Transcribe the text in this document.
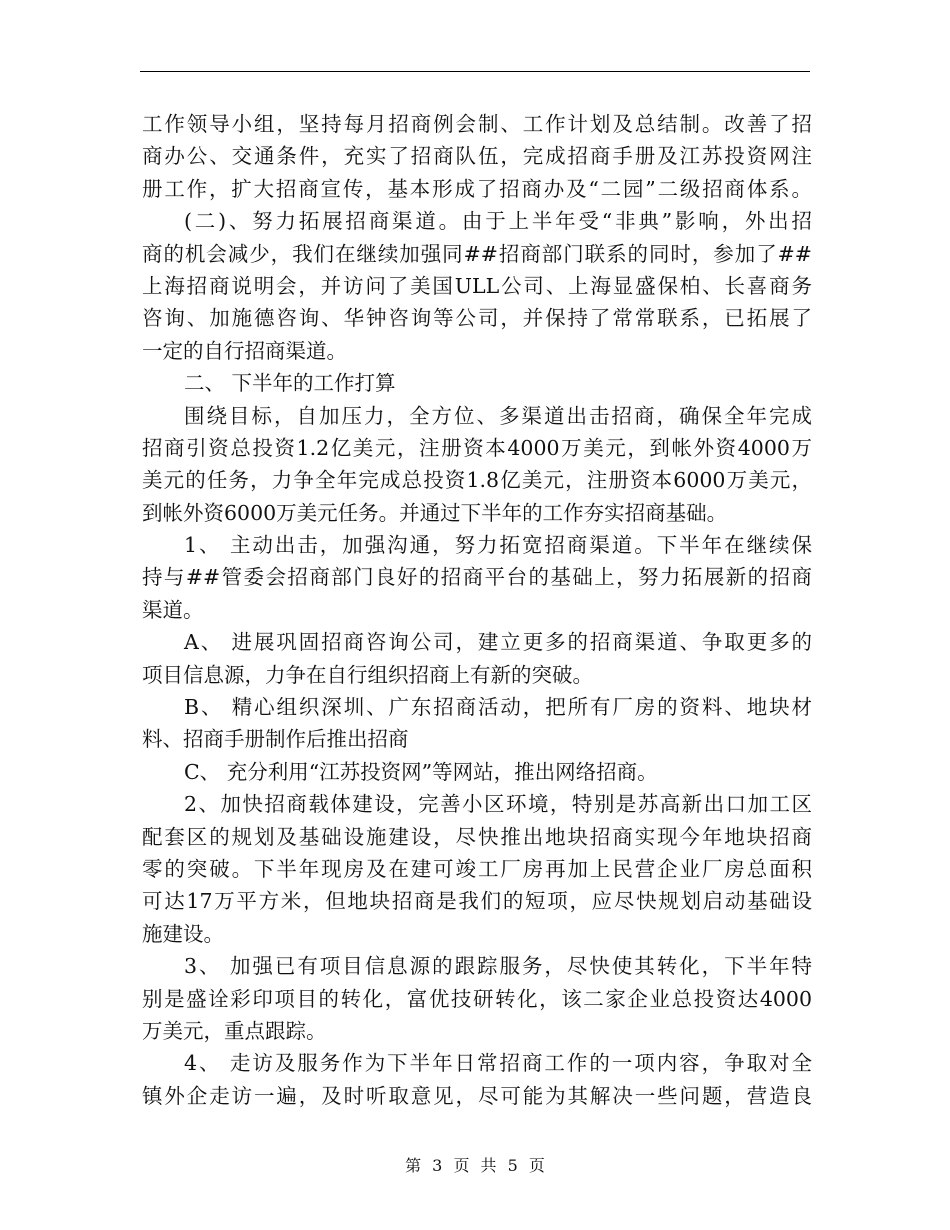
工作领导小组，坚持每月招商例会制、工作计划及总结制。改善了招
商办公、交通条件，充实了招商队伍，完成招商手册及江苏投资网注
册工作，扩大招商宣传，基本形成了招商办及“二园”二级招商体系。
(二)、努力拓展招商渠道。由于上半年受“非典”影响，外出招
商的机会减少，我们在继续加强同##招商部门联系的同时，参加了##
上海招商说明会，并访问了美国ULL公司、上海显盛保柏、长喜商务
咨询、加施德咨询、华钟咨询等公司，并保持了常常联系，已拓展了
一定的自行招商渠道。
二、 下半年的工作打算
围绕目标，自加压力，全方位、多渠道出击招商，确保全年完成
招商引资总投资1.2亿美元，注册资本4000万美元，到帐外资4000万
美元的任务，力争全年完成总投资1.8亿美元，注册资本6000万美元，
到帐外资6000万美元任务。并通过下半年的工作夯实招商基础。
1、 主动出击，加强沟通，努力拓宽招商渠道。下半年在继续保
持与##管委会招商部门良好的招商平台的基础上，努力拓展新的招商
渠道。
A、 进展巩固招商咨询公司，建立更多的招商渠道、争取更多的
项目信息源，力争在自行组织招商上有新的突破。
B、 精心组织深圳、广东招商活动，把所有厂房的资料、地块材
料、招商手册制作后推出招商
C、 充分利用“江苏投资网”等网站，推出网络招商。
2、加快招商载体建设，完善小区环境，特别是苏高新出口加工区
配套区的规划及基础设施建设，尽快推出地块招商实现今年地块招商
零的突破。下半年现房及在建可竣工厂房再加上民营企业厂房总面积
可达17万平方米，但地块招商是我们的短项，应尽快规划启动基础设
施建设。
3、 加强已有项目信息源的跟踪服务，尽快使其转化，下半年特
别是盛诠彩印项目的转化，富优技研转化，该二家企业总投资达4000
万美元，重点跟踪。
4、 走访及服务作为下半年日常招商工作的一项内容，争取对全
镇外企走访一遍，及时听取意见，尽可能为其解决一些问题，营造良
第 3 页 共 5 页
